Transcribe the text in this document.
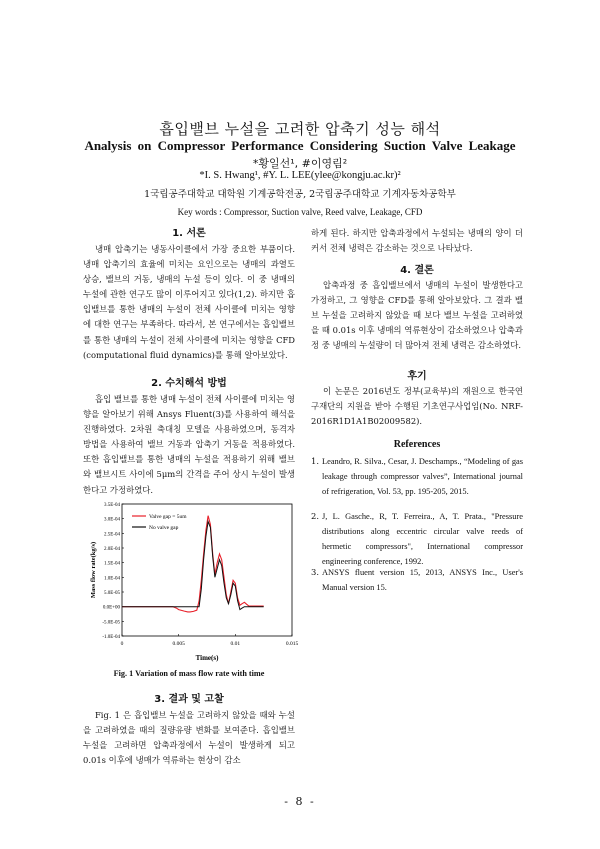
흡입밸브 누설을 고려한 압축기 성능 해석
Analysis on Compressor Performance Considering Suction Valve Leakage
*황일선¹, #이영림²
*I. S. Hwang¹, #Y. L. LEE(ylee@kongju.ac.kr)²
1국립공주대학교 대학원 기계공학전공, 2국립공주대학교 기계자동차공학부
Key words : Compressor, Suction valve, Reed valve, Leakage, CFD
1. 서론

냉매 압축기는 냉동사이클에서 가장 중요한 부품이다. 냉매 압축기의 효율에 미치는 요인으로는 냉매의 과열도 상승, 밸브의 거동, 냉매의 누설 등이 있다. 이 중 냉매의 누설에 관한 연구도 많이 이루어지고 있다(1,2). 하지만 흡입밸브를 통한 냉매의 누설이 전체 사이클에 미치는 영향에 대한 연구는 부족하다. 따라서, 본 연구에서는 흡입밸브를 통한 냉매의 누설이 전체 사이클에 미치는 영향을 CFD (computational fluid dynamics)를 통해 알아보았다.

2. 수치해석 방법

흡입 밸브를 통한 냉매 누설이 전체 사이클에 미치는 영향을 알아보기 위해 Ansys Fluent(3)를 사용하여 해석을 진행하였다. 2차원 축대칭 모델을 사용하였으며, 동격자 방법을 사용하여 밸브 거동과 압축기 거동을 적용하였다. 또한 흡입밸브를 통한 냉매의 누설을 적용하기 위해 밸브와 밸브시트 사이에 5μm의 간격을 주어 상시 누설이 발생한다고 가정하였다.

3. 결과 및 고찰

Fig. 1 은 흡입밸브 누설을 고려하지 않았을 때와 누설을 고려하였을 때의 질량유량 변화를 보여준다. 흡입밸브 누설을 고려하면 압축과정에서 누설이 발생하게 되고 0.01s 이후에 냉매가 역류하는 현상이 감소

-1.0E-04
-5.0E-05
0.0E+00
5.0E-05
1.0E-04
1.5E-04
2.0E-04
2.5E-04
3.0E-04
3.5E-04
0	0.005	0.01	0.015
Valve gap = 5um
No valve gap
Mass flow rate(kg/s)
Time(s)
Fig. 1 Variation of mass flow rate with time

하게 된다. 하지만 압축과정에서 누설되는 냉매의 양이 더 커서 전체 냉력은 감소하는 것으로 나타났다.

4. 결론

압축과정 중 흡입밸브에서 냉매의 누설이 발생한다고 가정하고, 그 영향을 CFD를 통해 알아보았다. 그 결과 밸브 누설을 고려하지 않았을 때 보다 밸브 누설을 고려하였을 때 0.01s 이후 냉매의 역류현상이 감소하였으나 압축과정 중 냉매의 누설량이 더 많아져 전체 냉력은 감소하였다.

후기

이 논문은 2016년도 정부(교육부)의 재원으로 한국연구재단의 지원을 받아 수행된 기초연구사업임(No. NRF-2016R1D1A1B02009582).

References
1. Leandro, R. Silva., Cesar, J. Deschamps., “Modeling of gas leakage through compressor valves”, International journal of refrigeration, Vol. 53, pp. 195-205, 2015.
2. J, L. Gasche., R, T. Ferreira., A, T. Prata., "Pressure distributions along eccentric circular valve reeds of hermetic compressors", International compressor engineering conference, 1992.
3. ANSYS fluent version 15, 2013, ANSYS Inc., User's Manual version 15.
- 8 -
